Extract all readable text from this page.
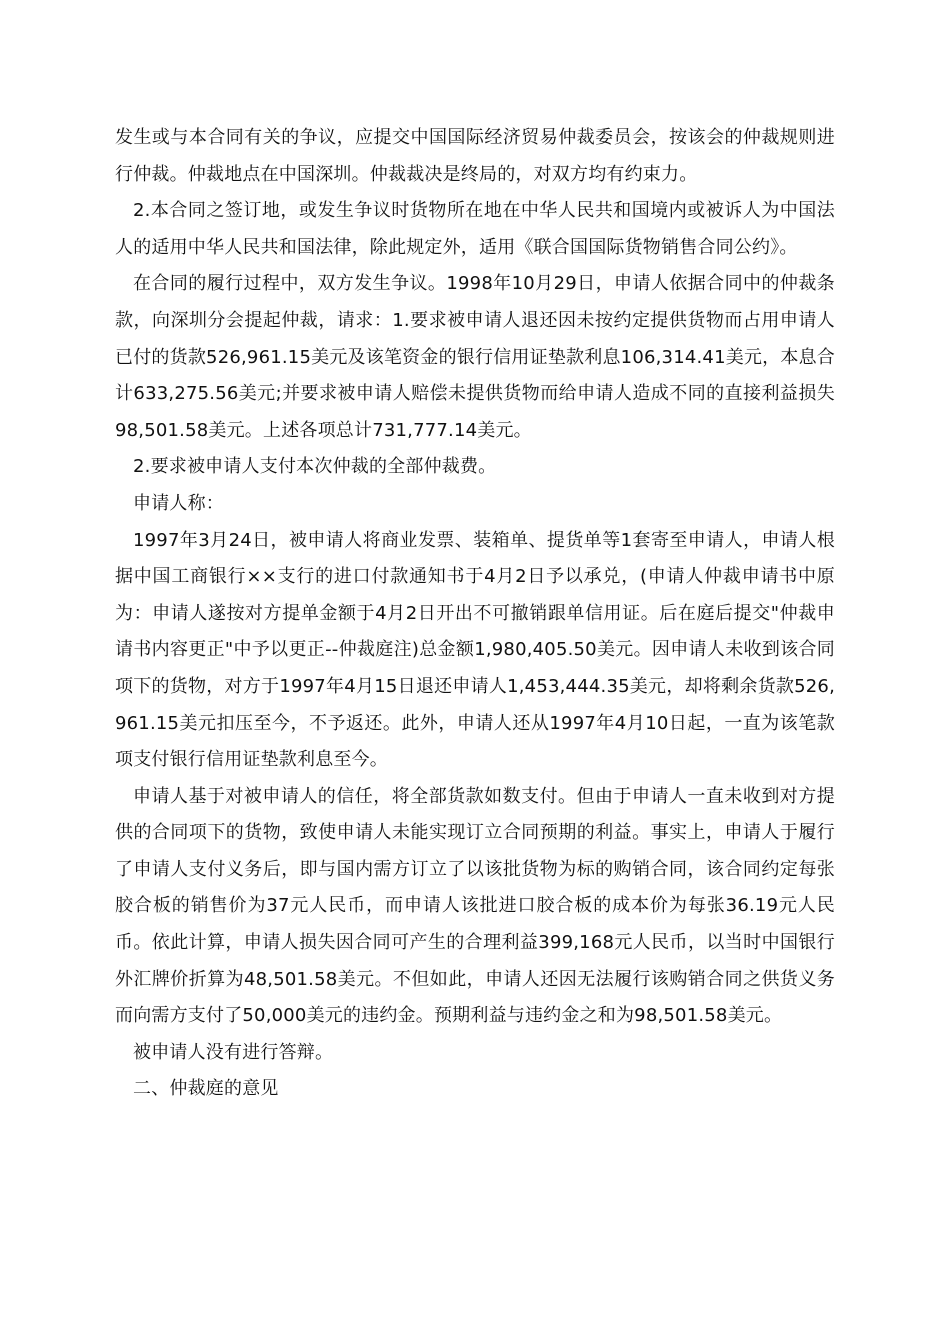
发生或与本合同有关的争议，应提交中国国际经济贸易仲裁委员会，按该会的仲裁规则进行仲裁。仲裁地点在中国深圳。仲裁裁决是终局的，对双方均有约束力。

2.本合同之签订地，或发生争议时货物所在地在中华人民共和国境内或被诉人为中国法人的适用中华人民共和国法律，除此规定外，适用《联合国国际货物销售合同公约》。

在合同的履行过程中，双方发生争议。1998年10月29日，申请人依据合同中的仲裁条款，向深圳分会提起仲裁，请求：1.要求被申请人退还因未按约定提供货物而占用申请人已付的货款526,961.15美元及该笔资金的银行信用证垫款利息106,314.41美元，本息合计633,275.56美元;并要求被申请人赔偿未提供货物而给申请人造成不同的直接利益损失98,501.58美元。上述各项总计731,777.14美元。

2.要求被申请人支付本次仲裁的全部仲裁费。

申请人称：

1997年3月24日，被申请人将商业发票、装箱单、提货单等1套寄至申请人，申请人根据中国工商银行××支行的进口付款通知书于4月2日予以承兑，(申请人仲裁申请书中原为：申请人遂按对方提单金额于4月2日开出不可撤销跟单信用证。后在庭后提交"仲裁申请书内容更正"中予以更正--仲裁庭注)总金额1,980,405.50美元。因申请人未收到该合同项下的货物，对方于1997年4月15日退还申请人1,453,444.35美元，却将剩余货款526,961.15美元扣压至今，不予返还。此外，申请人还从1997年4月10日起，一直为该笔款项支付银行信用证垫款利息至今。

申请人基于对被申请人的信任，将全部货款如数支付。但由于申请人一直未收到对方提供的合同项下的货物，致使申请人未能实现订立合同预期的利益。事实上，申请人于履行了申请人支付义务后，即与国内需方订立了以该批货物为标的购销合同，该合同约定每张胶合板的销售价为37元人民币，而申请人该批进口胶合板的成本价为每张36.19元人民币。依此计算，申请人损失因合同可产生的合理利益399,168元人民币，以当时中国银行外汇牌价折算为48,501.58美元。不但如此，申请人还因无法履行该购销合同之供货义务而向需方支付了50,000美元的违约金。预期利益与违约金之和为98,501.58美元。

被申请人没有进行答辩。

二、仲裁庭的意见
